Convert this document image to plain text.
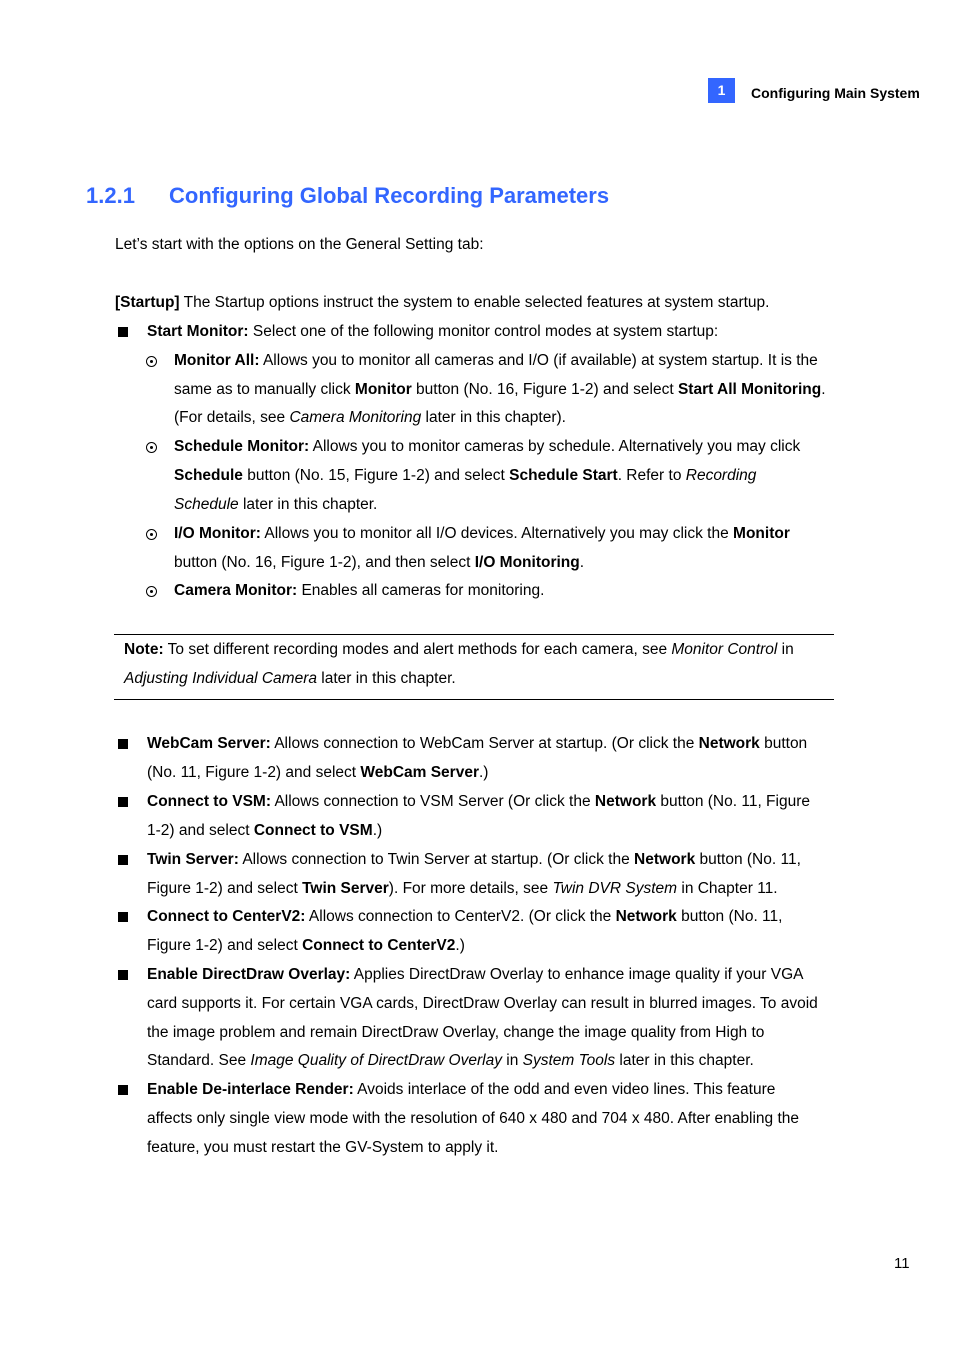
1	Configuring Main System
1.2.1 Configuring Global Recording Parameters
Let’s start with the options on the General Setting tab:
[Startup] The Startup options instruct the system to enable selected features at system startup.
Start Monitor: Select one of the following monitor control modes at system startup:
Monitor All: Allows you to monitor all cameras and I/O (if available) at system startup. It is the
same as to manually click Monitor button (No. 16, Figure 1-2) and select Start All Monitoring.
(For details, see Camera Monitoring later in this chapter).
Schedule Monitor: Allows you to monitor cameras by schedule. Alternatively you may click
Schedule button (No. 15, Figure 1-2) and select Schedule Start. Refer to Recording
Schedule later in this chapter.
I/O Monitor: Allows you to monitor all I/O devices. Alternatively you may click the Monitor
button (No. 16, Figure 1-2), and then select I/O Monitoring.
Camera Monitor: Enables all cameras for monitoring.
Note: To set different recording modes and alert methods for each camera, see Monitor Control in
Adjusting Individual Camera later in this chapter.
WebCam Server: Allows connection to WebCam Server at startup. (Or click the Network button
(No. 11, Figure 1-2) and select WebCam Server.)
Connect to VSM: Allows connection to VSM Server (Or click the Network button (No. 11, Figure
1-2) and select Connect to VSM.)
Twin Server: Allows connection to Twin Server at startup. (Or click the Network button (No. 11,
Figure 1-2) and select Twin Server). For more details, see Twin DVR System in Chapter 11.
Connect to CenterV2: Allows connection to CenterV2. (Or click the Network button (No. 11,
Figure 1-2) and select Connect to CenterV2.)
Enable DirectDraw Overlay: Applies DirectDraw Overlay to enhance image quality if your VGA
card supports it. For certain VGA cards, DirectDraw Overlay can result in blurred images. To avoid
the image problem and remain DirectDraw Overlay, change the image quality from High to
Standard. See Image Quality of DirectDraw Overlay in System Tools later in this chapter.
Enable De-interlace Render: Avoids interlace of the odd and even video lines. This feature
affects only single view mode with the resolution of 640 x 480 and 704 x 480. After enabling the
feature, you must restart the GV-System to apply it.
11
